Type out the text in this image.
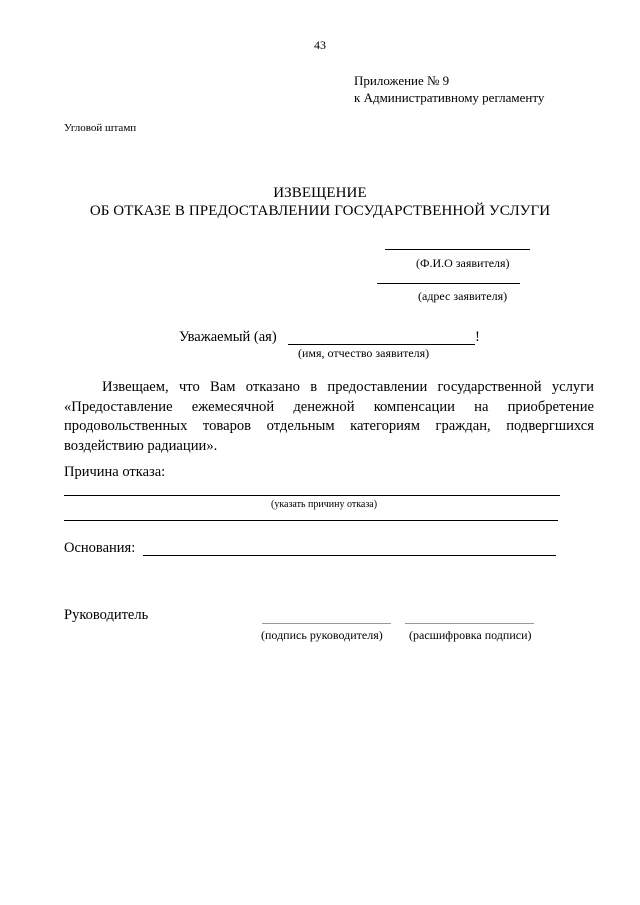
43
Приложение № 9
к Административному регламенту
Угловой штамп
ИЗВЕЩЕНИЕ
ОБ ОТКАЗЕ В ПРЕДОСТАВЛЕНИИ ГОСУДАРСТВЕННОЙ УСЛУГИ
(Ф.И.О заявителя)
(адрес заявителя)
Уважаемый (ая)	!
(имя, отчество заявителя)
Извещаем, что Вам отказано в предоставлении государственной услуги «Предоставление ежемесячной денежной компенсации на приобретение продовольственных товаров отдельным категориям граждан, подвергшихся воздействию радиации».
Причина отказа:
(указать причину отказа)
Основания:
Руководитель
(подпись руководителя) (расшифровка подписи)
